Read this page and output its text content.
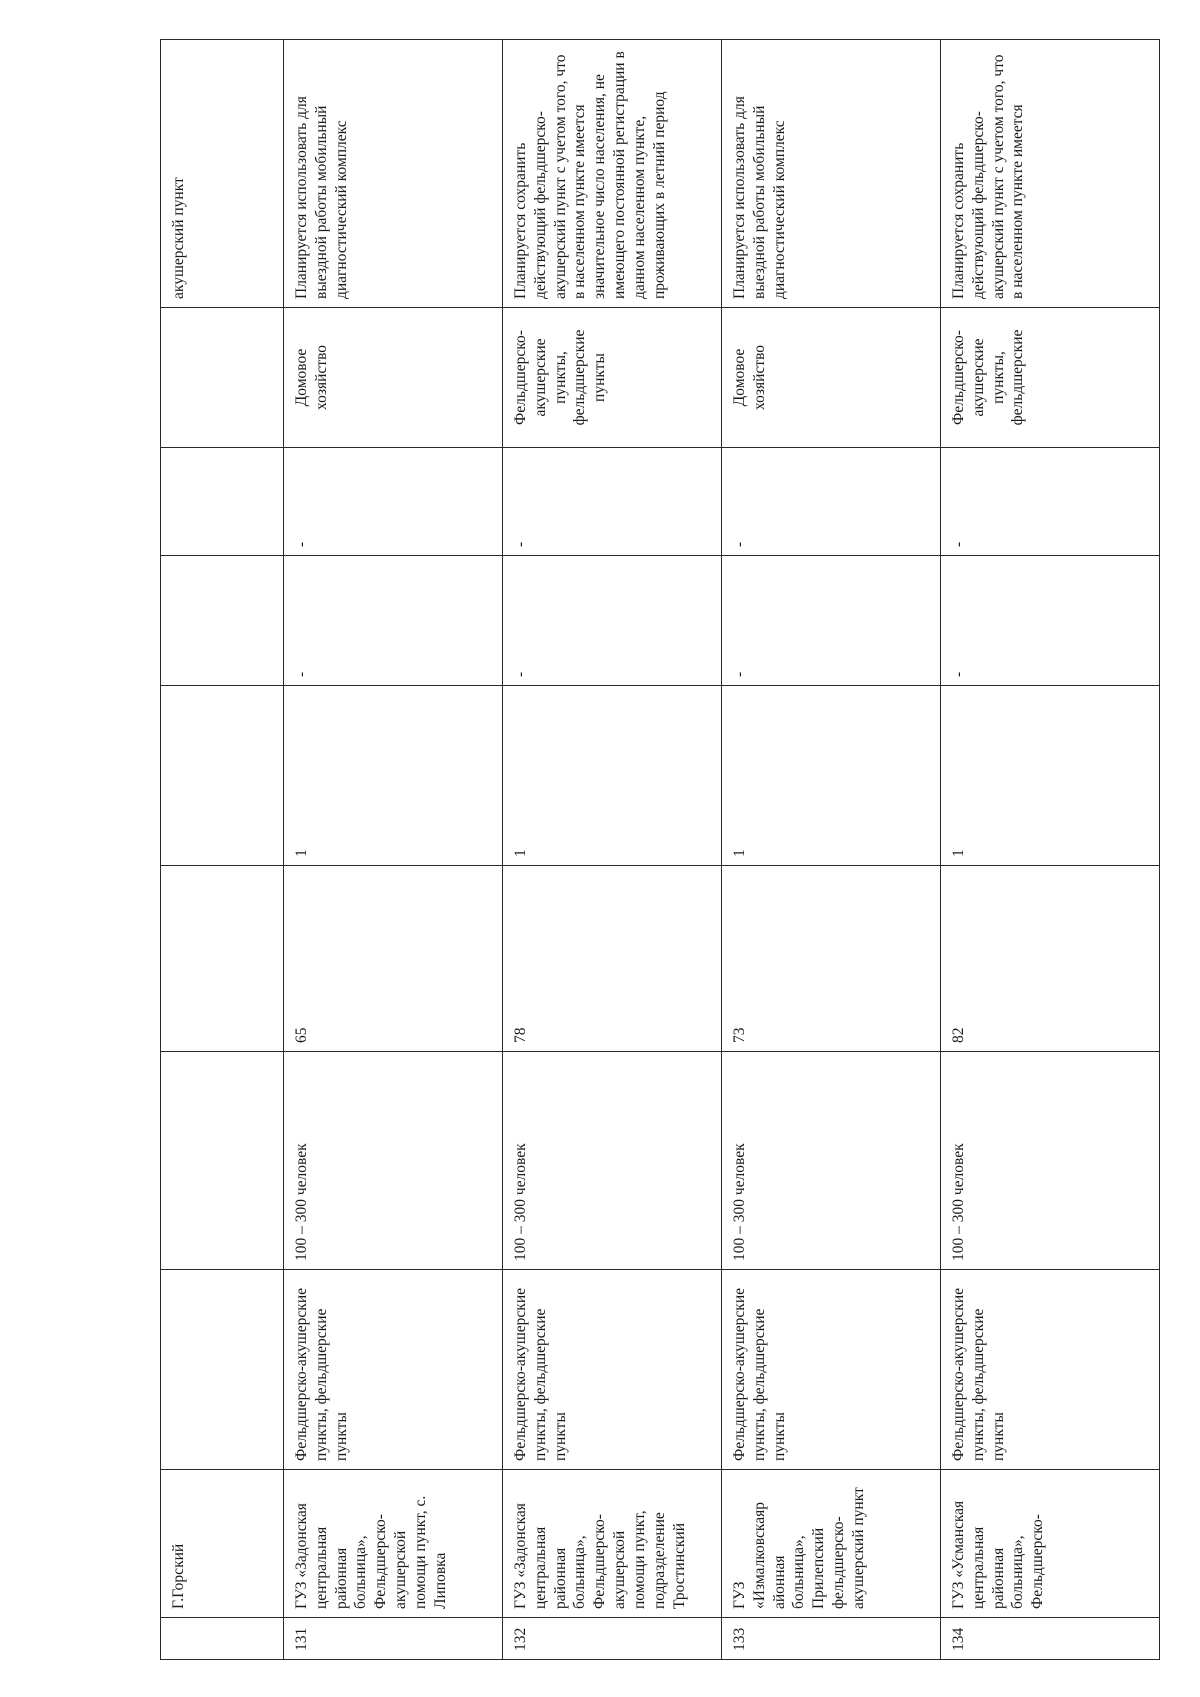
	Г.Горский								акушерский пункт
131	ГУЗ «Задонская центральная районная больница», Фельдшерско-акушерской помощи пункт, с. Липовка	Фельдшерско-акушерские пункты, фельдшерские пункты	100 – 300 человек	65	1	-	-	Домовое хозяйство	Планируется использовать для выездной работы мобильный диагностический комплекс
132	ГУЗ «Задонская центральная районная больница», Фельдшерско-акушерской помощи пункт, подразделение Тростинский	Фельдшерско-акушерские пункты, фельдшерские пункты	100 – 300 человек	78	1	-	-	Фельдшерско-акушерские пункты, фельдшерские пункты	Планируется сохранить действующий фельдшерско-акушерский пункт с учетом того, что в населенном пункте имеется значительное число населения, не имеющего постоянной регистрации в данном населенном пункте, проживающих в летний период
133	ГУЗ «Измалковскаяр айонная больница», Прилепский фельдшерско-акушерский пункт	Фельдшерско-акушерские пункты, фельдшерские пункты	100 – 300 человек	73	1	-	-	Домовое хозяйство	Планируется использовать для выездной работы мобильный диагностический комплекс
134	ГУЗ «Усманская центральная районная больница», Фельдшерско-	Фельдшерско-акушерские пункты, фельдшерские пункты	100 – 300 человек	82	1	-	-	Фельдшерско-акушерские пункты, фельдшерские	Планируется сохранить действующий фельдшерско-акушерский пункт с учетом того, что в населенном пункте имеется
